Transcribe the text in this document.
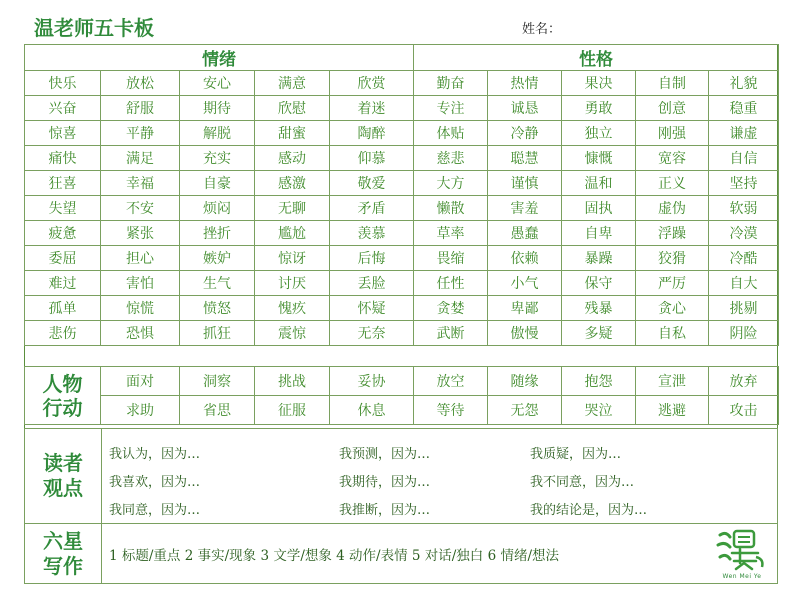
温老师五卡板	姓名：
情绪					性格				
快乐	放松	安心	满意	欣赏	勤奋	热情	果决	自制	礼貌
兴奋	舒服	期待	欣慰	着迷	专注	诚恳	勇敢	创意	稳重
惊喜	平静	解脱	甜蜜	陶醉	体贴	冷静	独立	刚强	谦虚
痛快	满足	充实	感动	仰慕	慈悲	聪慧	慷慨	宽容	自信
狂喜	幸福	自豪	感激	敬爱	大方	谨慎	温和	正义	坚持
失望	不安	烦闷	无聊	矛盾	懒散	害羞	固执	虚伪	软弱
疲惫	紧张	挫折	尴尬	羡慕	草率	愚蠢	自卑	浮躁	冷漠
委屈	担心	嫉妒	惊讶	后悔	畏缩	依赖	暴躁	狡猾	冷酷
难过	害怕	生气	讨厌	丢脸	任性	小气	保守	严厉	自大
孤单	惊慌	愤怒	愧疚	怀疑	贪婪	卑鄙	残暴	贪心	挑剔
悲伤	恐惧	抓狂	震惊	无奈	武断	傲慢	多疑	自私	阴险
人物
行动	面对	洞察	挑战	妥协	放空	随缘	抱怨	宣泄	放弃
	求助	省思	征服	休息	等待	无怨	哭泣	逃避	攻击
读者
观点
我认为，因为…	我预测，因为…	我质疑，因为…
我喜欢，因为…	我期待，因为…	我不同意，因为…
我同意，因为…	我推断，因为…	我的结论是，因为…
六星
写作 1 标题/重点 2 事实/现象 3 文学/想象 4 动作/表情 5 对话/独白 6 情绪/想法
Wen Mei Ye
